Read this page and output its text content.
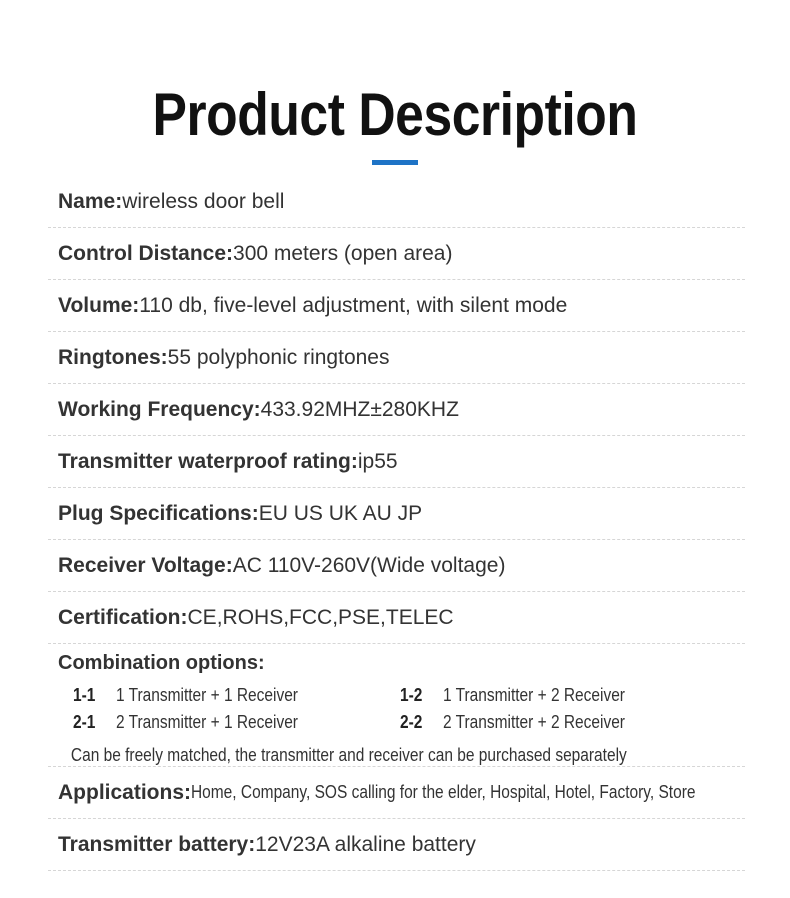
Product Description
Name: wireless door bell
Control Distance: 300 meters (open area)
Volume: 110 db, five-level adjustment, with silent mode
Ringtones: 55 polyphonic ringtones
Working Frequency: 433.92MHZ±280KHZ
Transmitter waterproof rating: ip55
Plug Specifications: EU US UK AU JP
Receiver Voltage: AC 110V-260V(Wide voltage)
Certification: CE,ROHS,FCC,PSE,TELEC
Combination options:
1-1	1 Transmitter + 1 Receiver	1-2	1 Transmitter + 2 Receiver
2-1	2 Transmitter + 1 Receiver	2-2	2 Transmitter + 2 Receiver
Can be freely matched, the transmitter and receiver can be purchased separately
Applications: Home, Company, SOS calling for the elder, Hospital, Hotel, Factory, Store
Transmitter battery: 12V23A alkaline battery
